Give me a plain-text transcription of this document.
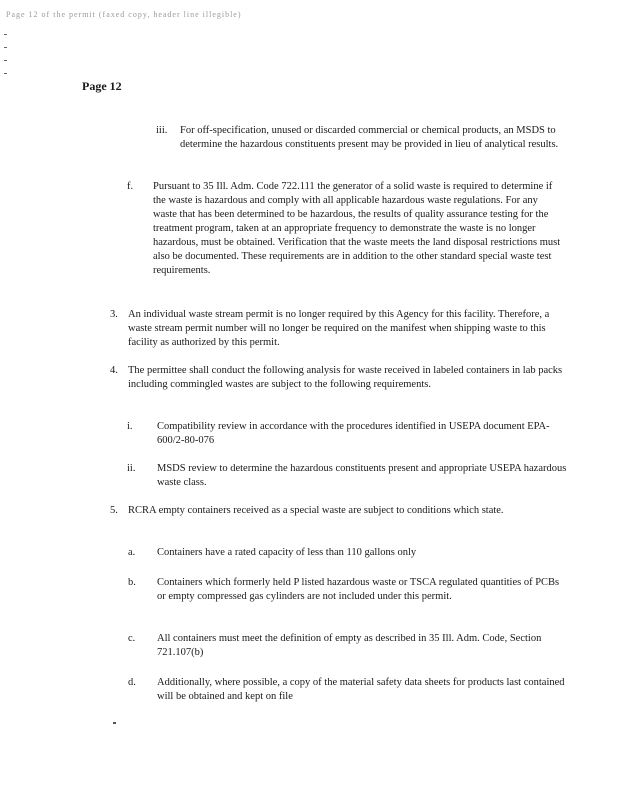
Page 12 of the permit (faxed copy, header line illegible)
Page 12
iii. For off-specification, unused or discarded commercial or chemical products, an MSDS to determine the hazardous constituents present may be provided in lieu of analytical results.
f. Pursuant to 35 Ill. Adm. Code 722.111 the generator of a solid waste is required to determine if the waste is hazardous and comply with all applicable hazardous waste regulations. For any waste that has been determined to be hazardous, the results of quality assurance testing for the treatment program, taken at an appropriate frequency to demonstrate the waste is no longer hazardous, must be obtained. Verification that the waste meets the land disposal restrictions must also be documented. These requirements are in addition to the other standard special waste test requirements.
3. An individual waste stream permit is no longer required by this Agency for this facility. Therefore, a waste stream permit number will no longer be required on the manifest when shipping waste to this facility as authorized by this permit.
4. The permittee shall conduct the following analysis for waste received in labeled containers in lab packs including commingled wastes are subject to the following requirements.
i. Compatibility review in accordance with the procedures identified in USEPA document EPA-600/2-80-076
ii. MSDS review to determine the hazardous constituents present and appropriate USEPA hazardous waste class.
5. RCRA empty containers received as a special waste are subject to conditions which state.
a. Containers have a rated capacity of less than 110 gallons only
b. Containers which formerly held P listed hazardous waste or TSCA regulated quantities of PCBs or empty compressed gas cylinders are not included under this permit.
c. All containers must meet the definition of empty as described in 35 Ill. Adm. Code, Section 721.107(b)
d. Additionally, where possible, a copy of the material safety data sheets for products last contained will be obtained and kept on file
